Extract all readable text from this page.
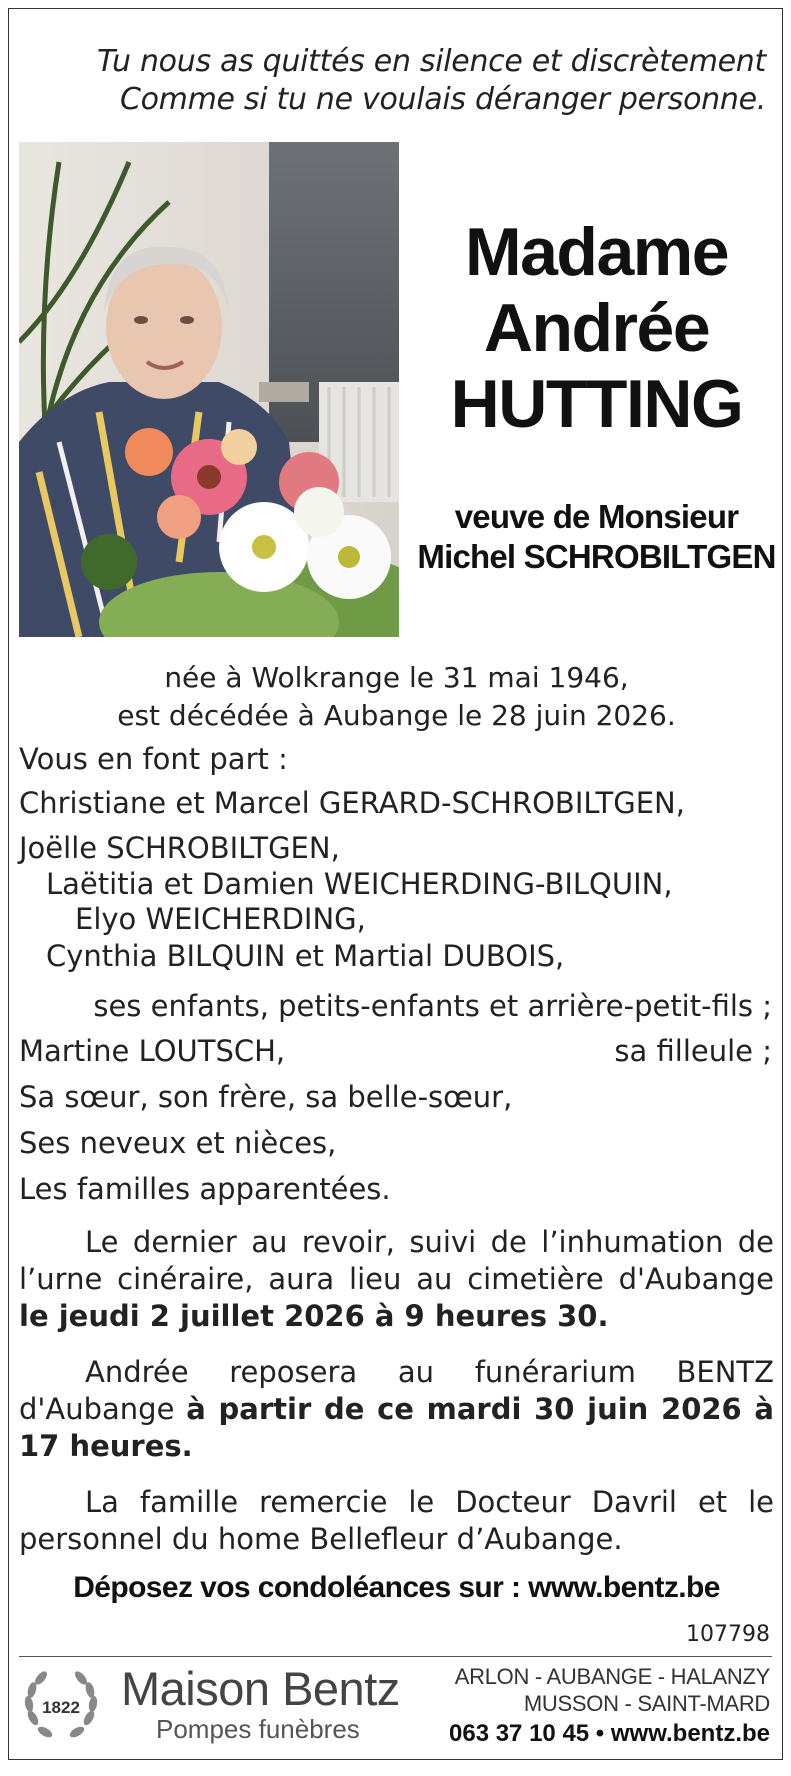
Tu nous as quittés en silence et discrètement
Comme si tu ne voulais déranger personne.
Madame
Andrée
HUTTING
veuve de Monsieur
Michel SCHROBILTGEN
née à Wolkrange le 31 mai 1946,
est décédée à Aubange le 28 juin 2026.
Vous en font part :
Christiane et Marcel GERARD-SCHROBILTGEN,
Joëlle SCHROBILTGEN,
Laëtitia et Damien WEICHERDING-BILQUIN,
Elyo WEICHERDING,
Cynthia BILQUIN et Martial DUBOIS,
ses enfants, petits-enfants et arrière-petit-fils ;
Martine LOUTSCH,	sa filleule ;
Sa sœur, son frère, sa belle-sœur,
Ses neveux et nièces,
Les familles apparentées.
Le dernier au revoir, suivi de l’inhumation de l’urne cinéraire, aura lieu au cimetière d'Aubange le jeudi 2 juillet 2026 à 9 heures 30.
Andrée reposera au funérarium BENTZ d'Aubange à partir de ce mardi 30 juin 2026 à 17 heures.
La famille remercie le Docteur Davril et le personnel du home Bellefleur d’Aubange.
Déposez vos condoléances sur : www.bentz.be
107798
1822 Maison Bentz
Pompes funèbres
ARLON - AUBANGE - HALANZY
MUSSON - SAINT-MARD
063 37 10 45 • www.bentz.be
